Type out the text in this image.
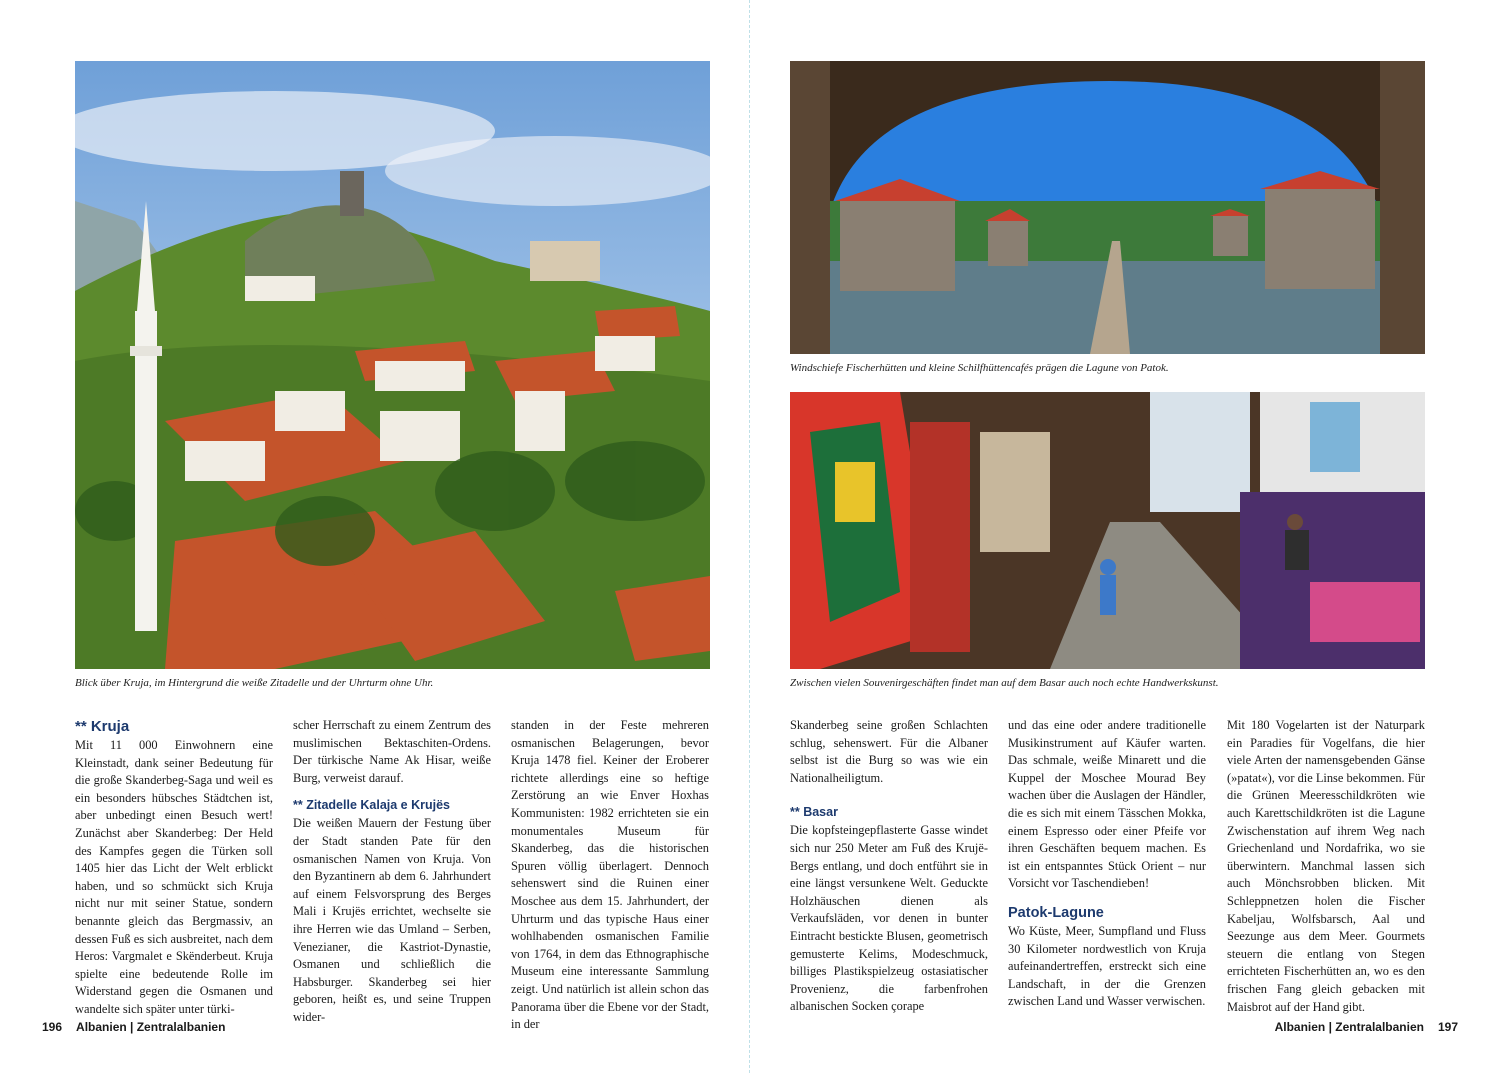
Blick über Kruja, im Hintergrund die weiße Zitadelle und der Uhrturm ohne Uhr.
Windschiefe Fischerhütten und kleine Schilfhüttencafés prägen die Lagune von Patok.
Zwischen vielen Souvenirgeschäften findet man auf dem Basar auch noch echte Handwerkskunst.
** Kruja

Mit 11 000 Einwohnern eine Kleinstadt, dank seiner Bedeutung für die große Skanderbeg-Saga und weil es ein besonders hübsches Städtchen ist, aber unbedingt einen Besuch wert! Zunächst aber Skanderbeg: Der Held des Kampfes gegen die Türken soll 1405 hier das Licht der Welt erblickt haben, und so schmückt sich Kruja nicht nur mit seiner Statue, sondern benannte gleich das Bergmassiv, an dessen Fuß es sich ausbreitet, nach dem Heros: Vargmalet e Skënderbeut. Kruja spielte eine bedeutende Rolle im Widerstand gegen die Osmanen und wandelte sich später unter türki-

scher Herrschaft zu einem Zentrum des muslimischen Bektaschiten-Ordens. Der türkische Name Ak Hisar, weiße Burg, verweist darauf.

** Zitadelle Kalaja e Krujës

Die weißen Mauern der Festung über der Stadt standen Pate für den osmanischen Namen von Kruja. Von den Byzantinern ab dem 6. Jahrhundert auf einem Felsvorsprung des Berges Mali i Krujës errichtet, wechselte sie ihre Herren wie das Umland – Serben, Venezianer, die Kastriot-Dynastie, Osmanen und schließlich die Habsburger. Skanderbeg sei hier geboren, heißt es, und seine Truppen wider-

standen in der Feste mehreren osmanischen Belagerungen, bevor Kruja 1478 fiel. Keiner der Eroberer richtete allerdings eine so heftige Zerstörung an wie Enver Hoxhas Kommunisten: 1982 errichteten sie ein monumentales Museum für Skanderbeg, das die historischen Spuren völlig überlagert. Dennoch sehenswert sind die Ruinen einer Moschee aus dem 15. Jahrhundert, der Uhrturm und das typische Haus einer wohlhabenden osmanischen Familie von 1764, in dem das Ethnographische Museum eine interessante Sammlung zeigt. Und natürlich ist allein schon das Panorama über die Ebene vor der Stadt, in der

Skanderbeg seine großen Schlachten schlug, sehenswert. Für die Albaner selbst ist die Burg so was wie ein Nationalheiligtum.

** Basar

Die kopfsteingepflasterte Gasse windet sich nur 250 Meter am Fuß des Krujë-Bergs entlang, und doch entführt sie in eine längst versunkene Welt. Geduckte Holzhäuschen dienen als Verkaufsläden, vor denen in bunter Eintracht bestickte Blusen, geometrisch gemusterte Kelims, Modeschmuck, billiges Plastikspielzeug ostasiatischer Provenienz, die farbenfrohen albanischen Socken çorape

und das eine oder andere traditionelle Musikinstrument auf Käufer warten. Das schmale, weiße Minarett und die Kuppel der Moschee Mourad Bey wachen über die Auslagen der Händler, die es sich mit einem Tässchen Mokka, einem Espresso oder einer Pfeife vor ihren Geschäften bequem machen. Es ist ein entspanntes Stück Orient – nur Vorsicht vor Taschendieben!

Patok-Lagune

Wo Küste, Meer, Sumpfland und Fluss 30 Kilometer nordwestlich von Kruja aufeinandertreffen, erstreckt sich eine Landschaft, in der die Grenzen zwischen Land und Wasser verwischen.

Mit 180 Vogelarten ist der Naturpark ein Paradies für Vogelfans, die hier viele Arten der namensgebenden Gänse (»patat«), vor die Linse bekommen. Für die Grünen Meeresschildkröten wie auch Karettschildkröten ist die Lagune Zwischenstation auf ihrem Weg nach Griechenland und Nordafrika, wo sie überwintern. Manchmal lassen sich auch Mönchsrobben blicken. Mit Schleppnetzen holen die Fischer Kabeljau, Wolfsbarsch, Aal und Seezunge aus dem Meer. Gourmets steuern die entlang von Stegen errichteten Fischerhütten an, wo es den frischen Fang gleich gebacken mit Maisbrot auf der Hand gibt.

196 Albanien | Zentralalbanien	Albanien | Zentralalbanien 197
